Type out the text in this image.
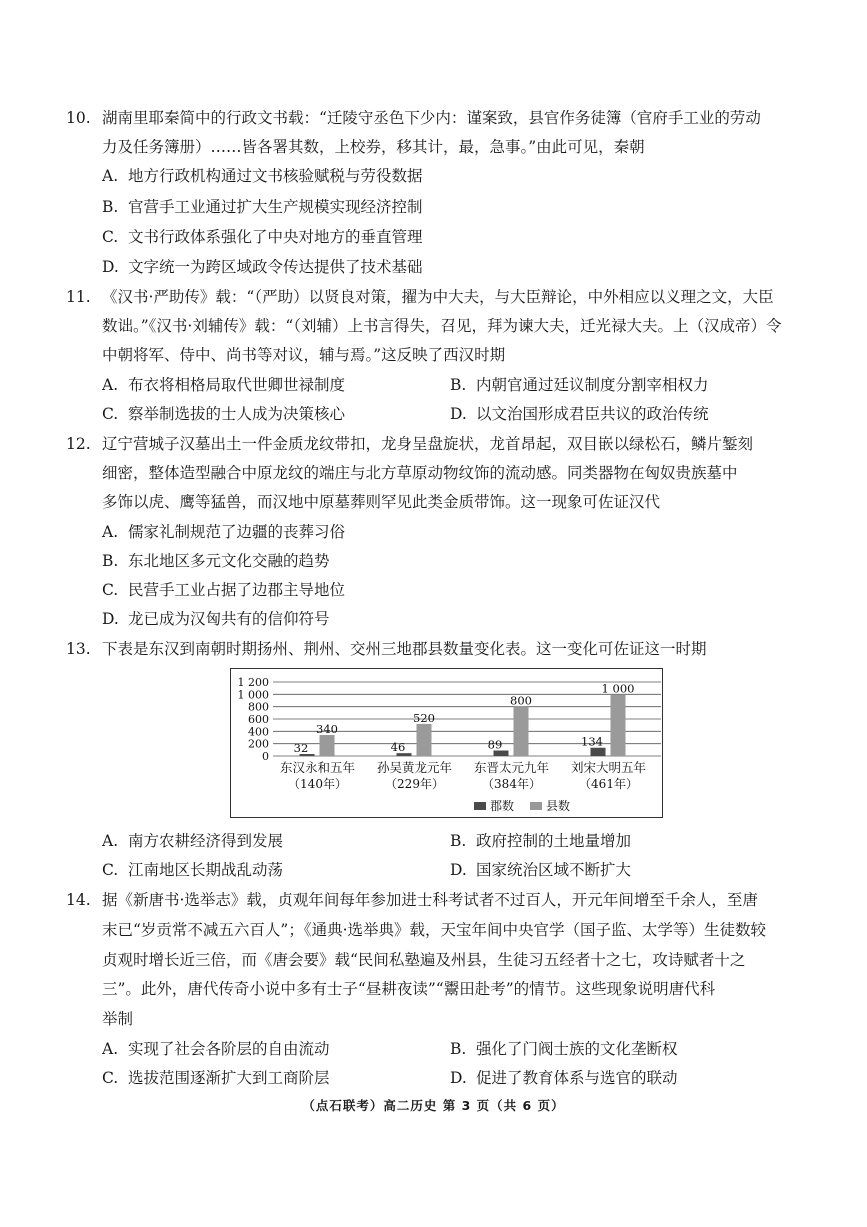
10. 湖南里耶秦简中的行政文书载：“迁陵守丞色下少内：谨案致，县官作务徒簿（官府手工业的劳动
力及任务簿册）……皆各署其数，上校券，移其计，最，急事。”由此可见，秦朝
A. 地方行政机构通过文书核验赋税与劳役数据
B. 官营手工业通过扩大生产规模实现经济控制
C. 文书行政体系强化了中央对地方的垂直管理
D. 文字统一为跨区域政令传达提供了技术基础
11. 《汉书·严助传》载：“（严助）以贤良对策，擢为中大夫，与大臣辩论，中外相应以义理之文，大臣
数诎。”《汉书·刘辅传》载：“（刘辅）上书言得失，召见，拜为谏大夫，迁光禄大夫。上（汉成帝）令
中朝将军、侍中、尚书等对议，辅与焉。”这反映了西汉时期
A. 布衣将相格局取代世卿世禄制度	B. 内朝官通过廷议制度分割宰相权力
C. 察举制选拔的士人成为决策核心	D. 以文治国形成君臣共议的政治传统
12. 辽宁营城子汉墓出土一件金质龙纹带扣，龙身呈盘旋状，龙首昂起，双目嵌以绿松石，鳞片錾刻
细密，整体造型融合中原龙纹的端庄与北方草原动物纹饰的流动感。同类器物在匈奴贵族墓中
多饰以虎、鹰等猛兽，而汉地中原墓葬则罕见此类金质带饰。这一现象可佐证汉代
A. 儒家礼制规范了边疆的丧葬习俗
B. 东北地区多元文化交融的趋势
C. 民营手工业占据了边郡主导地位
D. 龙已成为汉匈共有的信仰符号
13. 下表是东汉到南朝时期扬州、荆州、交州三地郡县数量变化表。这一变化可佐证这一时期
0
200
400
600
800
1 000
1 200
32
340
东汉永和五年
（140年）
46
520
孙吴黄龙元年
（229年）
89
800
东晋太元九年
（384年）
134
1 000
刘宋大明五年
（461年）
郡数	县数
A. 南方农耕经济得到发展	B. 政府控制的土地量增加
C. 江南地区长期战乱动荡	D. 国家统治区域不断扩大
14. 据《新唐书·选举志》载，贞观年间每年参加进士科考试者不过百人，开元年间增至千余人，至唐
末已“岁贡常不减五六百人”；《通典·选举典》载，天宝年间中央官学（国子监、太学等）生徒数较
贞观时增长近三倍，而《唐会要》载“民间私塾遍及州县，生徒习五经者十之七，攻诗赋者十之
三”。此外，唐代传奇小说中多有士子“昼耕夜读”“鬻田赴考”的情节。这些现象说明唐代科
举制
A. 实现了社会各阶层的自由流动	B. 强化了门阀士族的文化垄断权
C. 选拔范围逐渐扩大到工商阶层	D. 促进了教育体系与选官的联动
（点石联考）高二历史 第 3 页（共 6 页）
